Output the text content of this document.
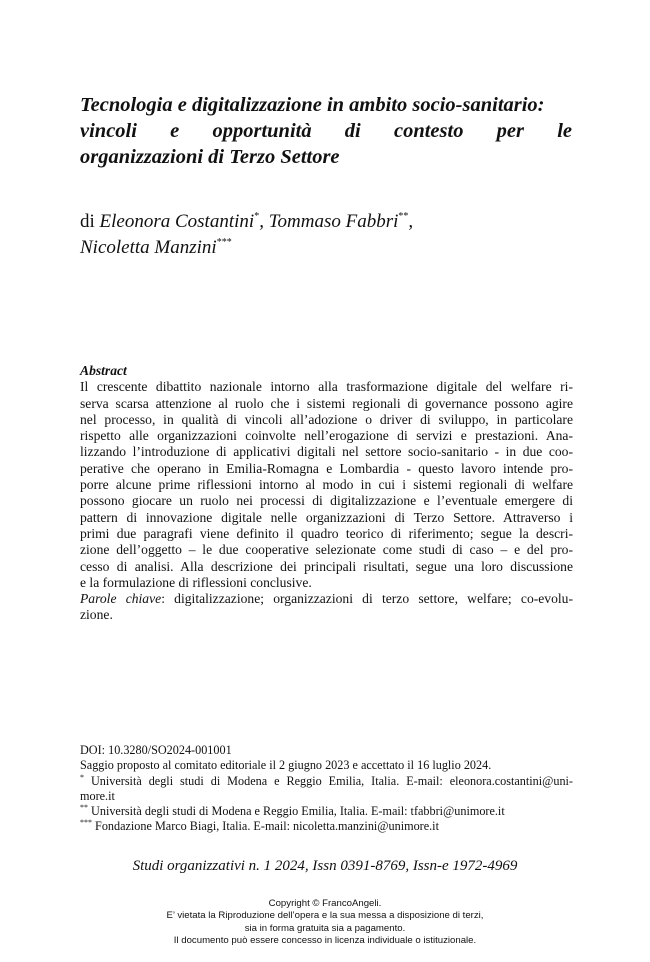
Tecnologia e digitalizzazione in ambito socio-sanitario:
vincoli e opportunità di contesto per le
organizzazioni di Terzo Settore
di Eleonora Costantini*, Tommaso Fabbri**,
Nicoletta Manzini***
Abstract
Il crescente dibattito nazionale intorno alla trasformazione digitale del welfare ri-
serva scarsa attenzione al ruolo che i sistemi regionali di governance possono agire
nel processo, in qualità di vincoli all’adozione o driver di sviluppo, in particolare
rispetto alle organizzazioni coinvolte nell’erogazione di servizi e prestazioni. Ana-
lizzando l’introduzione di applicativi digitali nel settore socio-sanitario - in due coo-
perative che operano in Emilia-Romagna e Lombardia - questo lavoro intende pro-
porre alcune prime riflessioni intorno al modo in cui i sistemi regionali di welfare
possono giocare un ruolo nei processi di digitalizzazione e l’eventuale emergere di
pattern di innovazione digitale nelle organizzazioni di Terzo Settore. Attraverso i
primi due paragrafi viene definito il quadro teorico di riferimento; segue la descri-
zione dell’oggetto – le due cooperative selezionate come studi di caso – e del pro-
cesso di analisi. Alla descrizione dei principali risultati, segue una loro discussione
e la formulazione di riflessioni conclusive.
Parole chiave: digitalizzazione; organizzazioni di terzo settore, welfare; co-evolu-
zione.
DOI: 10.3280/SO2024-001001
Saggio proposto al comitato editoriale il 2 giugno 2023 e accettato il 16 luglio 2024.
* Università degli studi di Modena e Reggio Emilia, Italia. E-mail: eleonora.costantini@uni-
more.it
** Università degli studi di Modena e Reggio Emilia, Italia. E-mail: tfabbri@unimore.it
*** Fondazione Marco Biagi, Italia. E-mail: nicoletta.manzini@unimore.it
Studi organizzativi n. 1 2024, Issn 0391-8769, Issn-e 1972-4969
Copyright © FrancoAngeli.
E’ vietata la Riproduzione dell’opera e la sua messa a disposizione di terzi,
sia in forma gratuita sia a pagamento.
Il documento può essere concesso in licenza individuale o istituzionale.
